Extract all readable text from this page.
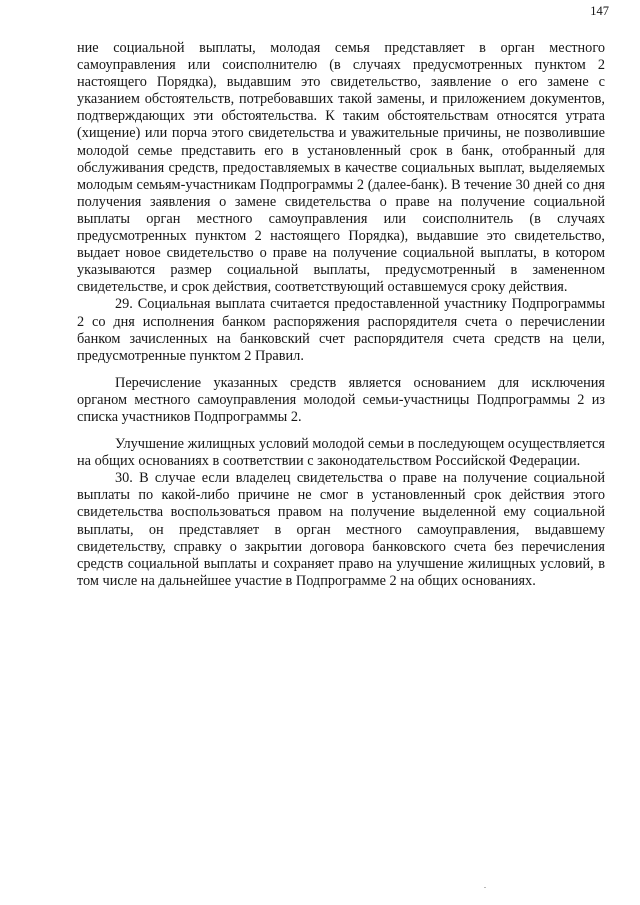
147

ние социальной выплаты, молодая семья представляет в орган местного самоуправления или соисполнителю (в случаях предусмотренных пунктом 2 настоящего Порядка), выдавшим это свидетельство, заявление о его замене с указанием обстоятельств, потребовавших такой замены, и приложением документов, подтверждающих эти обстоятельства. К таким обстоятельствам относятся утрата (хищение) или порча этого свидетельства и уважительные причины, не позволившие молодой семье представить его в установленный срок в банк, отобранный для обслуживания средств, предоставляемых в качестве социальных выплат, выделяемых молодым семьям-участникам Подпрограммы 2 (далее-банк). В течение 30 дней со дня получения заявления о замене свидетельства о праве на получение социальной выплаты орган местного самоуправления или соисполнитель (в случаях предусмотренных пунктом 2 настоящего Порядка), выдавшие это свидетельство, выдает новое свидетельство о праве на получение социальной выплаты, в котором указываются размер социальной выплаты, предусмотренный в замененном свидетельстве, и срок действия, соответствующий оставшемуся сроку действия.

29. Социальная выплата считается предоставленной участнику Подпрограммы 2 со дня исполнения банком распоряжения распорядителя счета о перечислении банком зачисленных на банковский счет распорядителя счета средств на цели, предусмотренные пунктом 2 Правил.

Перечисление указанных средств является основанием для исключения органом местного самоуправления молодой семьи-участницы Подпрограммы 2 из списка участников Подпрограммы 2.

Улучшение жилищных условий молодой семьи в последующем осуществляется на общих основаниях в соответствии с законодательством Российской Федерации.

30. В случае если владелец свидетельства о праве на получение социальной выплаты по какой-либо причине не смог в установленный срок действия этого свидетельства воспользоваться правом на получение выделенной ему социальной выплаты, он представляет в орган местного самоуправления, выдавшему свидетельству, справку о закрытии договора банковского счета без перечисления средств социальной выплаты и сохраняет право на улучшение жилищных условий, в том числе на дальнейшее участие в Подпрограмме 2 на общих основаниях.
